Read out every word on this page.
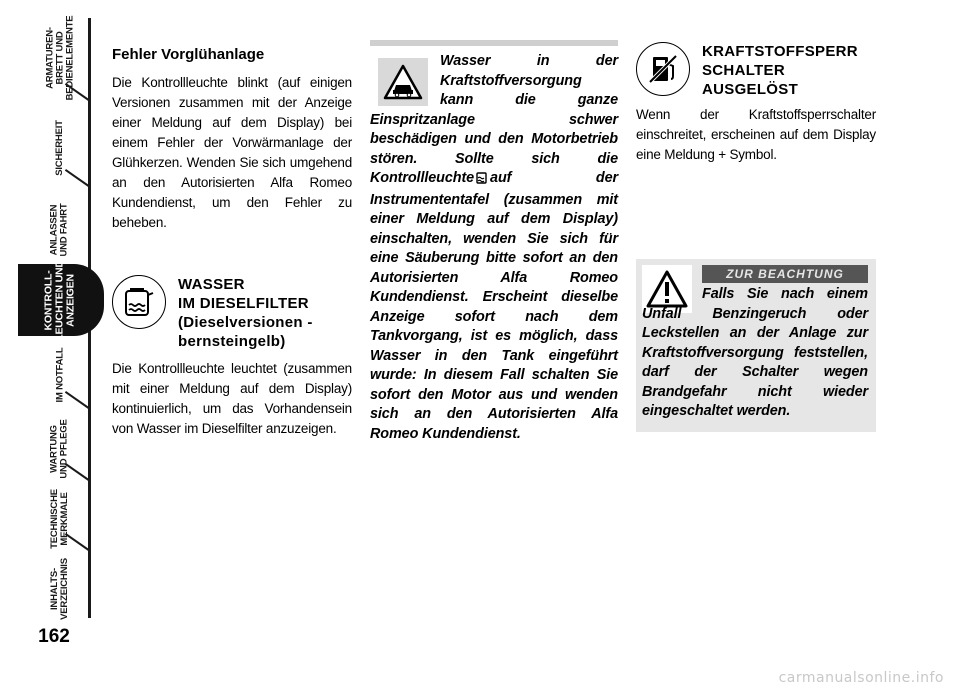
ARMATUREN-
BRETT UND
BEDIENELEMENTE
SICHERHEIT
ANLASSEN
UND FAHRT
KONTROLL-
LEUCHTEN UND
ANZEIGEN
IM NOTFALL
WARTUNG
UND PFLEGE
TECHNISCHE
MERKMALE
INHALTS-
VERZEICHNIS
162
Fehler Vorglühanlage

Die Kontrollleuchte blinkt (auf einigen Versionen zusammen mit der Anzeige einer Meldung auf dem Display) bei einem Fehler der Vorwärmanlage der Glühkerzen. Wenden Sie sich umgehend an den Autorisierten Alfa Romeo Kundendienst, um den Fehler zu beheben.

WASSER
IM DIESELFILTER
(Dieselversionen -
bernsteingelb)

Die Kontrollleuchte leuchtet (zusammen mit einer Meldung auf dem Display) kontinuierlich, um das Vorhandensein von Wasser im Dieselfilter anzuzeigen.

Wasser in der Kraftstoffversorgung kann die ganze Einspritzanlage schwer beschädigen und den Motorbetrieb stören. Sollte sich die Kontrollleuchte auf der Instrumententafel (zusammen mit einer Meldung auf dem Display) einschalten, wenden Sie sich für eine Säuberung bitte sofort an den Autorisierten Alfa Romeo Kundendienst. Erscheint dieselbe Anzeige sofort nach dem Tankvorgang, ist es möglich, dass Wasser in den Tank eingeführt wurde: In diesem Fall schalten Sie sofort den Motor aus und wenden sich an den Autorisierten Alfa Romeo Kundendienst.

KRAFTSTOFFSPERR
SCHALTER
AUSGELÖST

Wenn der Kraftstoffsperrschalter einschreitet, erscheinen auf dem Display eine Meldung + Symbol.

ZUR BEACHTUNG

Falls Sie nach einem Unfall Benzingeruch oder Leckstellen an der Anlage zur Kraftstoffversorgung feststellen, darf der Schalter wegen Brandgefahr nicht wieder eingeschaltet werden.

carmanualsonline.info
